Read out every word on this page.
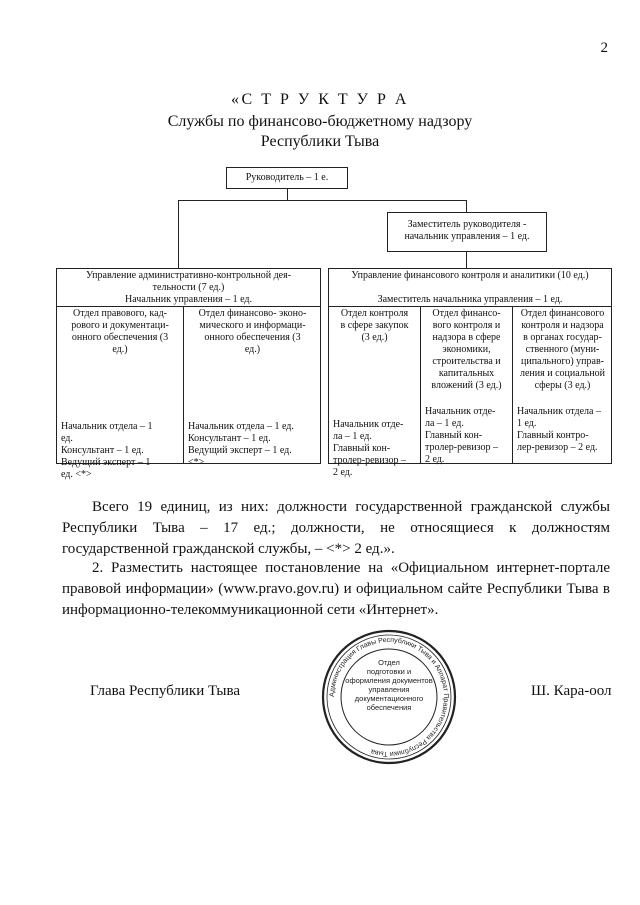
2
«С Т Р У К Т У Р А
Службы по финансово-бюджетному надзору
Республики Тыва
Руководитель – 1 е.
Заместитель руководителя -
начальник управления – 1 ед.
Управление административно-контрольной дея-
тельности (7 ед.)
Начальник управления – 1 ед.
Управление финансового контроля и аналитики (10 ед.)
Заместитель начальника управления – 1 ед.
Отдел правового, кад-
рового и документаци-
онного обеспечения (3
ед.)
Начальник отдела – 1
ед.
Консультант – 1 ед.
Ведущий эксперт – 1
ед. <*>
Отдел финансово- эконо-
мического и информаци-
онного обеспечения (3
ед.)
Начальник отдела – 1 ед.
Консультант – 1 ед.
Ведущий эксперт – 1 ед.
<*>
Отдел контроля
в сфере закупок
(3 ед.)
Начальник отде-
ла – 1 ед.
Главный кон-
тролер-ревизор –
2 ед.
Отдел финансо-
вого контроля и
надзора в сфере
экономики,
строительства и
капитальных
вложений (3 ед.)
Начальник отде-
ла – 1 ед.
Главный кон-
тролер-ревизор –
2 ед.
Отдел финансового
контроля и надзора
в органах государ-
ственного (муни-
ципального) управ-
ления и социальной
сферы (3 ед.)
Начальник отдела –
1 ед.
Главный контро-
лер-ревизор – 2 ед.
Всего 19 единиц, из них: должности государственной гражданской службы Республики Тыва – 17 ед.; должности, не относящиеся к должностям государственной гражданской службы, – <*> 2 ед.».
2. Разместить настоящее постановление на «Официальном интернет-портале правовой информации» (www.pravo.gov.ru) и официальном сайте Республики Тыва в информационно-телекоммуникационной сети «Интернет».
Глава Республики Тыва	Ш. Кара-оол
Администрация Главы Республики Тыва и Аппарат Правительства Республики Тыва
Отдел
подготовки и
оформления документов
управления
документационного
обеспечения
